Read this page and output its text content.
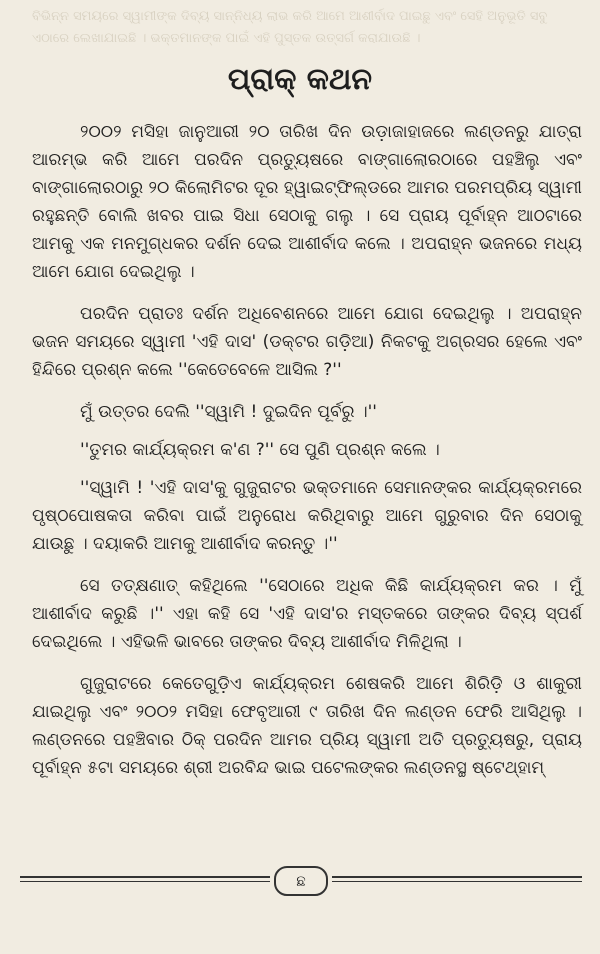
ବିଭିନ୍ନ ସମୟରେ ସ୍ୱାମୀଙ୍କ ଦିବ୍ୟ ସାନ୍ନିଧ୍ୟ ଲାଭ କରି ଆମେ ଆଶୀର୍ବାଦ ପାଇଛୁ ଏବଂ ସେହି ଅନୁଭୂତି ସବୁ ଏଠାରେ ଲେଖାଯାଇଛି । ଭକ୍ତମାନଙ୍କ ପାଇଁ ଏହି ପୁସ୍ତକ ଉତ୍ସର୍ଗ କରାଯାଉଛି ।
ପ୍ରାକ୍ କଥନ

୨୦୦୨ ମସିହା ଜାନୁଆରୀ ୨୦ ତାରିଖ ଦିନ ଉଡ଼ାଜାହାଜରେ ଲଣ୍ଡନରୁ ଯାତ୍ରା ଆରମ୍ଭ କରି ଆମେ ପରଦିନ ପ୍ରତ୍ୟୁଷରେ ବାଙ୍ଗାଲୋରଠାରେ ପହଞ୍ଚିଲୁ ଏବଂ ବାଙ୍ଗାଲୋରଠାରୁ ୨୦ କିଲୋମିଟର ଦୂର ହ୍ୱାଇଟ୍‌ଫିଲ୍ଡରେ ଆମର ପରମପ୍ରିୟ ସ୍ୱାମୀ ରହୁଛନ୍ତି ବୋଲି ଖବର ପାଇ ସିଧା ସେଠାକୁ ଗଲୁ । ସେ ପ୍ରାୟ ପୂର୍ବାହ୍ନ ଆଠଟାରେ ଆମକୁ ଏକ ମନମୁଗ୍ଧକର ଦର୍ଶନ ଦେଇ ଆଶୀର୍ବାଦ କଲେ । ଅପରାହ୍ନ ଭଜନରେ ମଧ୍ୟ ଆମେ ଯୋଗ ଦେଇଥିଲୁ ।

ପରଦିନ ପ୍ରାତଃ ଦର୍ଶନ ଅଧିବେଶନରେ ଆମେ ଯୋଗ ଦେଇଥିଲୁ । ଅପରାହ୍ନ ଭଜନ ସମୟରେ ସ୍ୱାମୀ 'ଏହି ଦାସ' (ଡକ୍ଟର ଗଡ଼ିଆ) ନିକଟକୁ ଅଗ୍ରସର ହେଲେ ଏବଂ ହିନ୍ଦିରେ ପ୍ରଶ୍ନ କଲେ ''କେତେବେଳେ ଆସିଲ ?''

ମୁଁ ଉତ୍ତର ଦେଲି ''ସ୍ୱାମି ! ଦୁଇଦିନ ପୂର୍ବରୁ ।''

''ତୁମର କାର୍ଯ୍ୟକ୍ରମ କ'ଣ ?'' ସେ ପୁଣି ପ୍ରଶ୍ନ କଲେ ।

''ସ୍ୱାମି ! 'ଏହି ଦାସ'କୁ ଗୁଜୁରାଟର ଭକ୍ତମାନେ ସେମାନଙ୍କର କାର୍ଯ୍ୟକ୍ରମରେ ପୃଷ୍ଠପୋଷକତା କରିବା ପାଇଁ ଅନୁରୋଧ କରିଥିବାରୁ ଆମେ ଗୁରୁବାର ଦିନ ସେଠାକୁ ଯାଉଛୁ । ଦୟାକରି ଆମକୁ ଆଶୀର୍ବାଦ କରନ୍ତୁ ।''

ସେ ତତ୍‌କ୍ଷଣାତ୍ କହିଥିଲେ ''ସେଠାରେ ଅଧିକ କିଛି କାର୍ଯ୍ୟକ୍ରମ କର । ମୁଁ ଆଶୀର୍ବାଦ କରୁଛି ।'' ଏହା କହି ସେ 'ଏହି ଦାସ'ର ମସ୍ତକରେ ତାଙ୍କର ଦିବ୍ୟ ସ୍ପର୍ଶ ଦେଇଥିଲେ । ଏହିଭଳି ଭାବରେ ତାଙ୍କର ଦିବ୍ୟ ଆଶୀର୍ବାଦ ମିଳିଥିଲା ।

ଗୁଜୁରାଟରେ କେତେଗୁଡ଼ିଏ କାର୍ଯ୍ୟକ୍ରମ ଶେଷକରି ଆମେ ଶିରିଡ଼ି ଓ ଶାକୁରୀ ଯାଇଥିଲୁ ଏବଂ ୨୦୦୨ ମସିହା ଫେବୃଆରୀ ୯ ତାରିଖ ଦିନ ଲଣ୍ଡନ ଫେରି ଆସିଥିଲୁ । ଲଣ୍ଡନରେ ପହଞ୍ଚିବାର ଠିକ୍ ପରଦିନ ଆମର ପ୍ରିୟ ସ୍ୱାମୀ ଅତି ପ୍ରତ୍ୟୁଷରୁ, ପ୍ରାୟ ପୂର୍ବାହ୍ନ ୫ଟା ସମୟରେ ଶ୍ରୀ ଅରବିନ୍ଦ ଭାଇ ପଟେଲଙ୍କର ଲଣ୍ଡନସ୍ଥ ଷ୍ଟେଥ୍‌ହାମ୍

ଛ
